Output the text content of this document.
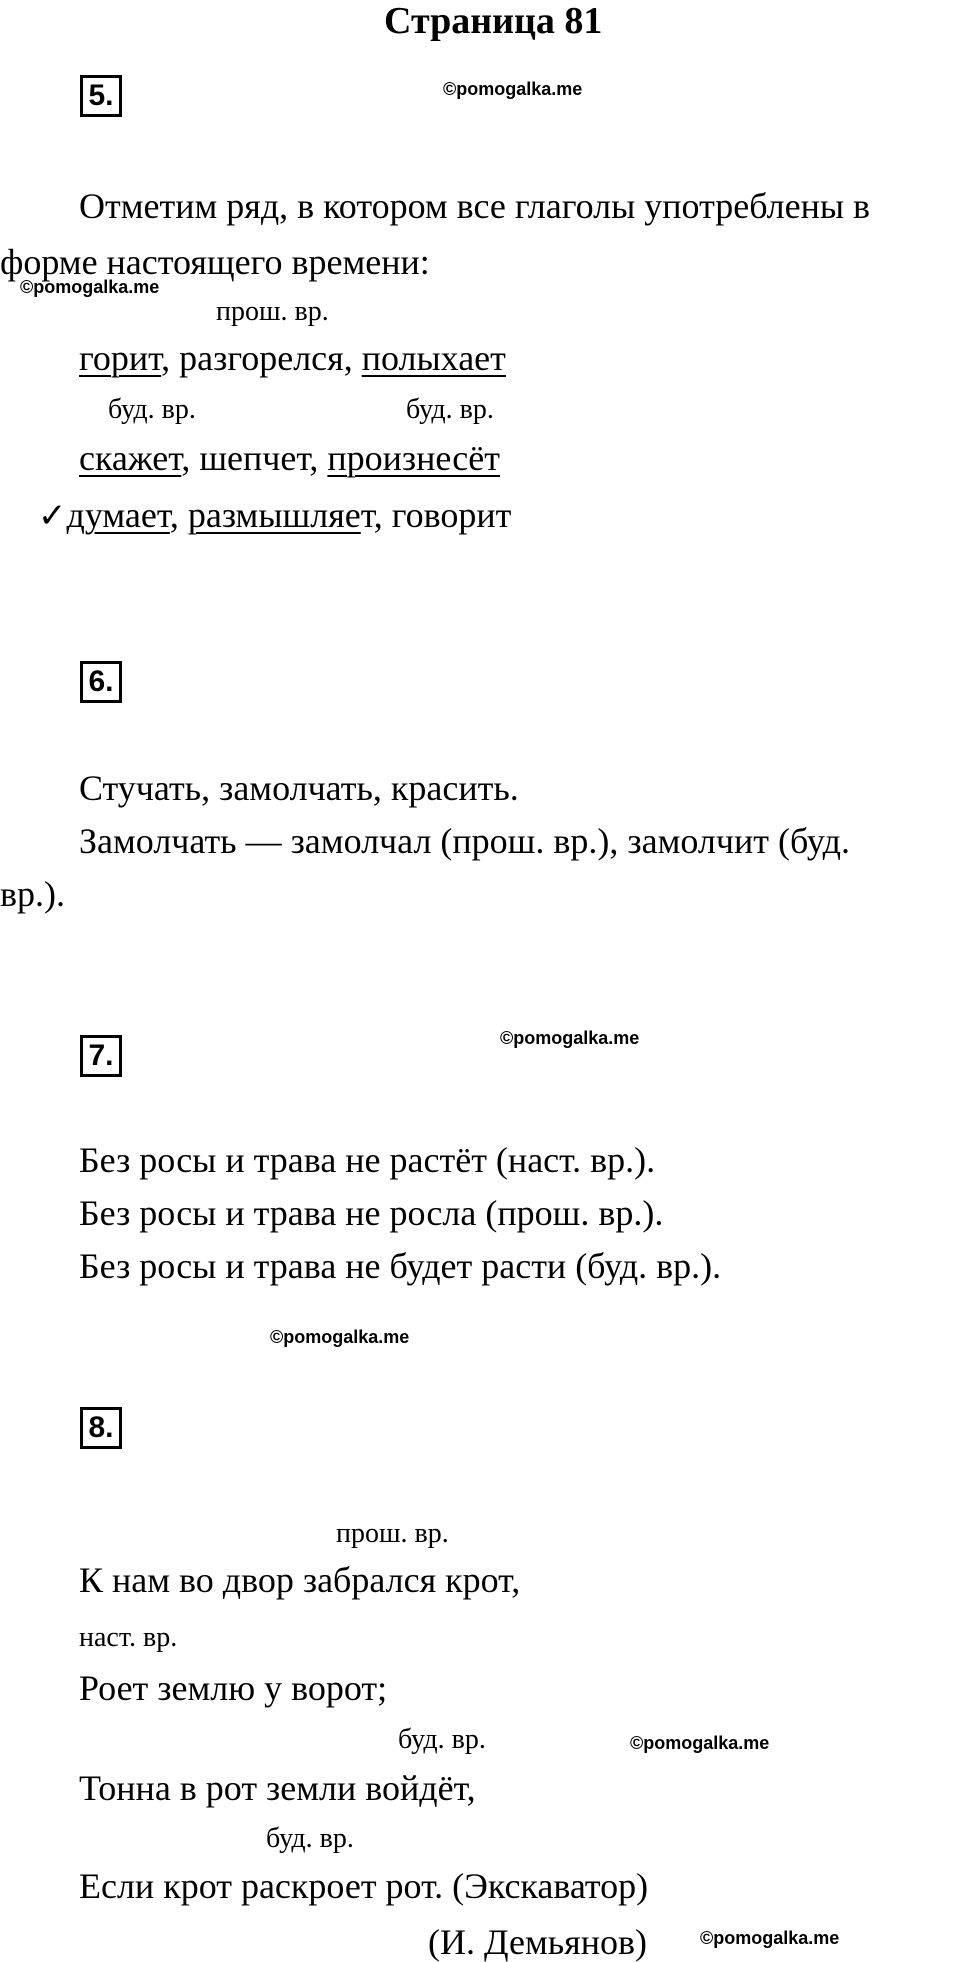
Страница 81
5.	©pomogalka.me
Отметим ряд, в котором все глаголы употреблены в
форме настоящего времени:
©pomogalka.me
прош. вр.
горит, разгорелся, полыхает
буд. вр.	буд. вр.
скажет, шепчет, произнесёт
✓думает, размышляет, говорит
6.
Стучать, замолчать, красить.
Замолчать — замолчал (прош. вр.), замолчит (буд.
вр.).
7.
©pomogalka.me
Без росы и трава не растёт (наст. вр.).
Без росы и трава не росла (прош. вр.).
Без росы и трава не будет расти (буд. вр.).
©pomogalka.me
8.
прош. вр.
К нам во двор забрался крот,
наст. вр.
Роет землю у ворот;
буд. вр.	©pomogalka.me
Тонна в рот земли войдёт,
буд. вр.
Если крот раскроет рот. (Экскаватор)
(И. Демьянов)	©pomogalka.me
